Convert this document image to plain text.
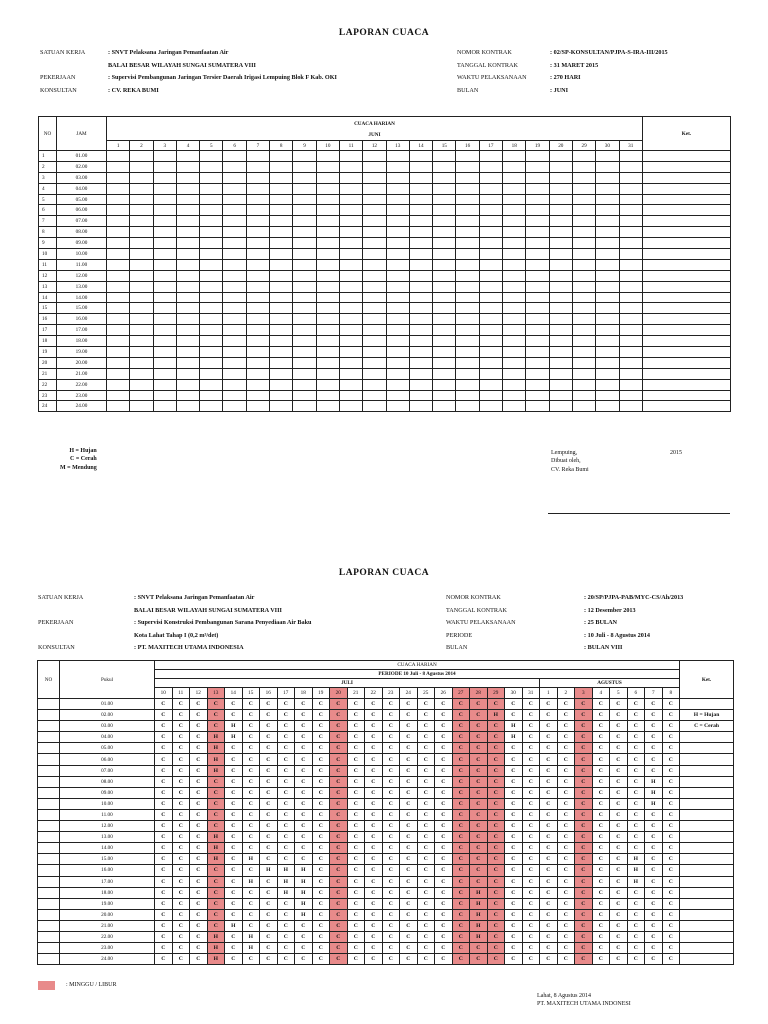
LAPORAN CUACA
SATUAN KERJA	: SNVT Pelaksana Jaringan Pemanfaatan Air
BALAI BESAR WILAYAH SUNGAI SUMATERA VIII
PEKERJAAN	: Supervisi Pembangunan Jaringan Tersier Daerah Irigasi Lempuing Blok F Kab. OKI
KONSULTAN	: CV. REKA BUMI
NOMOR KONTRAK	: 02/SP-KONSULTAN/PJPA-S-IRA-III/2015
TANGGAL KONTRAK	: 31 MARET 2015
WAKTU PELAKSANAAN	: 270 HARI
BULAN	: JUNI
NO	JAM	CUACA HARIAN																							Ket.
		JUNI																							
		1	2	3	4	5	6	7	8	9	10	11	12	13	14	15	16	17	18	19	20	29	30	31	
1	01.00																								
2	02.00																								
3	03.00																								
4	04.00																								
5	05.00																								
6	06.00																								
7	07.00																								
8	08.00																								
9	09.00																								
10	10.00																								
11	11.00																								
12	12.00																								
13	13.00																								
14	14.00																								
15	15.00																								
16	16.00																								
17	17.00																								
18	18.00																								
19	19.00																								
20	20.00																								
21	21.00																								
22	22.00																								
23	23.00																								
24	24.00																								
H = Hujan
C = Cerah
M = Mendung
Lempuing,
Dibuat oleh,
CV. Reka Bumi
2015
LAPORAN CUACA
SATUAN KERJA	: SNVT Pelaksana Jaringan Pemanfaatan Air
BALAI BESAR WILAYAH SUNGAI SUMATERA VIII
PEKERJAAN	: Supervisi Konstruksi Pembangunan Sarana Penyediaan Air Baku
Kota Lahat Tahap I (0,2 m³/det)
KONSULTAN	: PT. MAXITECH UTAMA INDONESIA
NOMOR KONTRAK	: 20/SP/PJPA-PAB/MYC-CS/Ah/2013
TANGGAL KONTRAK	: 12 Desember 2013
WAKTU PELAKSANAAN	: 25 BULAN
PERIODE	: 10 Juli - 8 Agustus 2014
BULAN	: BULAN VIII
NO	Pukul	CUACA HARIAN																														Ket.
		PERIODE 10 Juli - 8 Agustus 2014																														
		JULI																						AGUSTUS								
		10	11	12	13	14	15	16	17	18	19	20	21	22	23	24	25	26	27	28	29	30	31	1	2	3	4	5	6	7	8	
	01.00	C	C	C	C	C	C	C	C	C	C	C	C	C	C	C	C	C	C	C	C	C	C	C	C	C	C	C	C	C	C	
	02.00	C	C	C	C	C	C	C	C	C	C	C	C	C	C	C	C	C	C	C	H	C	C	C	C	C	C	C	C	C	C	H = Hujan
	03.00	C	C	C	C	H	C	C	C	C	C	C	C	C	C	C	C	C	C	C	C	H	C	C	C	C	C	C	C	C	C	C = Cerah
	04.00	C	C	C	H	H	C	C	C	C	C	C	C	C	C	C	C	C	C	C	C	H	C	C	C	C	C	C	C	C	C	
	05.00	C	C	C	H	C	C	C	C	C	C	C	C	C	C	C	C	C	C	C	C	C	C	C	C	C	C	C	C	C	C	
	06.00	C	C	C	H	C	C	C	C	C	C	C	C	C	C	C	C	C	C	C	C	C	C	C	C	C	C	C	C	C	C	
	07.00	C	C	C	H	C	C	C	C	C	C	C	C	C	C	C	C	C	C	C	C	C	C	C	C	C	C	C	C	C	C	
	08.00	C	C	C	C	C	C	C	C	C	C	C	C	C	C	C	C	C	C	C	C	C	C	C	C	C	C	C	C	H	C	
	09.00	C	C	C	C	C	C	C	C	C	C	C	C	C	C	C	C	C	C	C	C	C	C	C	C	C	C	C	C	H	C	
	10.00	C	C	C	C	C	C	C	C	C	C	C	C	C	C	C	C	C	C	C	C	C	C	C	C	C	C	C	C	H	C	
	11.00	C	C	C	C	C	C	C	C	C	C	C	C	C	C	C	C	C	C	C	C	C	C	C	C	C	C	C	C	C	C	
	12.00	C	C	C	C	C	C	C	C	C	C	C	C	C	C	C	C	C	C	C	C	C	C	C	C	C	C	C	C	C	C	
	13.00	C	C	C	H	C	C	C	C	C	C	C	C	C	C	C	C	C	C	C	C	C	C	C	C	C	C	C	C	C	C	
	14.00	C	C	C	H	C	C	C	C	C	C	C	C	C	C	C	C	C	C	C	C	C	C	C	C	C	C	C	C	C	C	
	15.00	C	C	C	H	C	H	C	C	C	C	C	C	C	C	C	C	C	C	C	C	C	C	C	C	C	C	C	H	C	C	
	16.00	C	C	C	C	C	C	H	H	H	C	C	C	C	C	C	C	C	C	C	C	C	C	C	C	C	C	C	H	C	C	
	17.00	C	C	C	C	C	H	C	H	H	C	C	C	C	C	C	C	C	C	C	C	C	C	C	C	C	C	C	H	C	C	
	18.00	C	C	C	C	C	C	C	H	H	C	C	C	C	C	C	C	C	C	H	C	C	C	C	C	C	C	C	C	C	C	
	19.00	C	C	C	C	C	C	C	C	H	C	C	C	C	C	C	C	C	C	H	C	C	C	C	C	C	C	C	C	C	C	
	20.00	C	C	C	C	C	C	C	C	H	C	C	C	C	C	C	C	C	C	H	C	C	C	C	C	C	C	C	C	C	C	
	21.00	C	C	C	C	H	C	C	C	C	C	C	C	C	C	C	C	C	C	H	C	C	C	C	C	C	C	C	C	C	C	
	22.00	C	C	C	H	C	H	C	C	C	C	C	C	C	C	C	C	C	C	H	C	C	C	C	C	C	C	C	C	C	C	
	23.00	C	C	C	H	C	H	C	C	C	C	C	C	C	C	C	C	C	C	C	C	C	C	C	C	C	C	C	C	C	C	
	24.00	C	C	C	H	C	C	C	C	C	C	C	C	C	C	C	C	C	C	C	C	C	C	C	C	C	C	C	C	C	C	
: MINGGU / LIBUR
Lahat, 8 Agustus 2014
PT. MAXITECH UTAMA INDONESI
